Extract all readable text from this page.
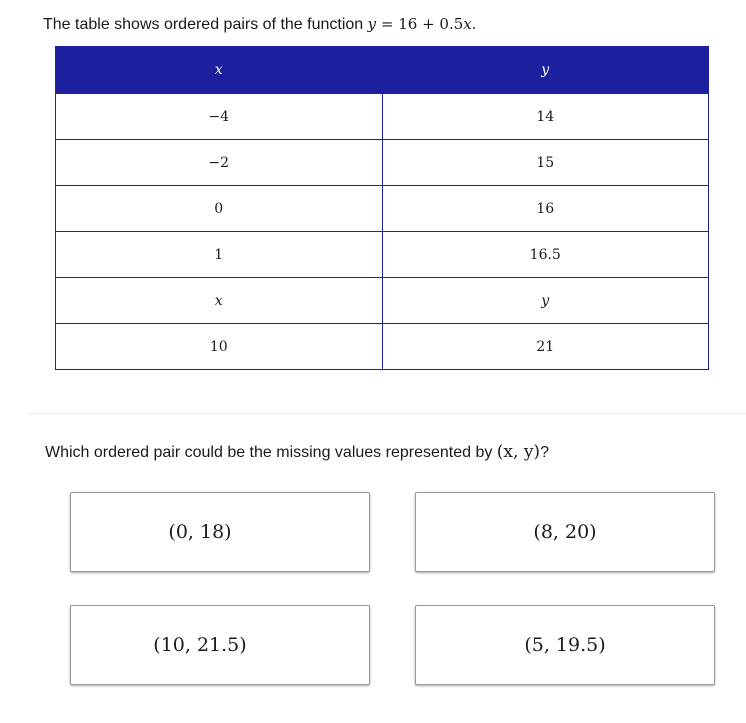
The table shows ordered pairs of the function y = 16 + 0.5x.
x	y
−4	14
−2	15
0	16
1	16.5
x	y
10	21
Which ordered pair could be the missing values represented by (x, y)?
(0, 18)	(8, 20)
(10, 21.5)	(5, 19.5)
